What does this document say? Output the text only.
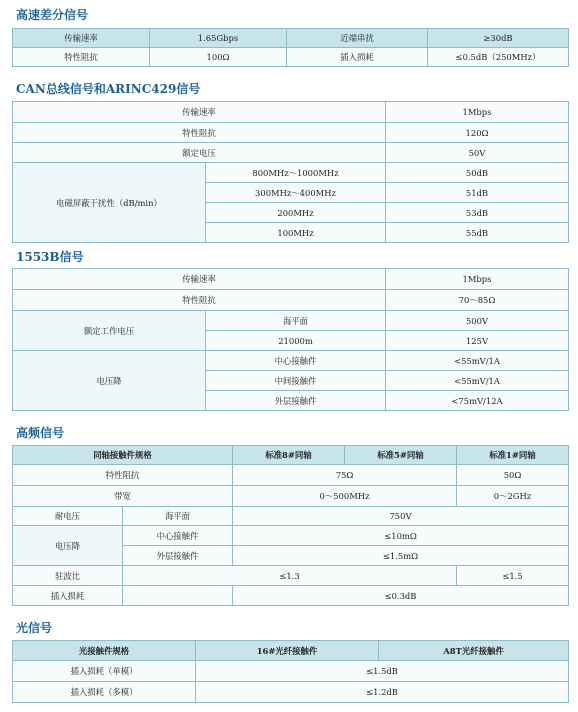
高速差分信号
传输速率	1.65Gbps	近端串扰	≥30dB
特性阻抗	100Ω	插入损耗	≤0.5dB（250MHz）
CAN总线信号和ARINC429信号
传输速率		1Mbps
特性阻抗		120Ω
额定电压		50V
电磁屏蔽干扰性（dB/min）	800MHz～1000MHz	50dB
	300MHz～400MHz	51dB
	200MHz	53dB
	100MHz	55dB
1553B信号
传输速率		1Mbps
特性阻抗		70～85Ω
额定工作电压	海平面	500V
	21000m	125V
电压降	中心接触件	<55mV/1A
	中间接触件	<55mV/1A
	外层接触件	<75mV/12A
高频信号
同轴接触件规格		标准8#同轴	标准5#同轴	标准1#同轴
特性阻抗		75Ω		50Ω
带宽		0～500MHz		0～2GHz
耐电压	海平面	750V		
电压降	中心接触件	≤10mΩ		
	外层接触件	≤1.5mΩ		
驻波比	≤1.3			≤1.5
插入损耗		≤0.3dB		
光信号
光接触件规格	16#光纤接触件	A8T光纤接触件
插入损耗（单模）	≤1.5dB	
插入损耗（多模）	≤1.2dB	
